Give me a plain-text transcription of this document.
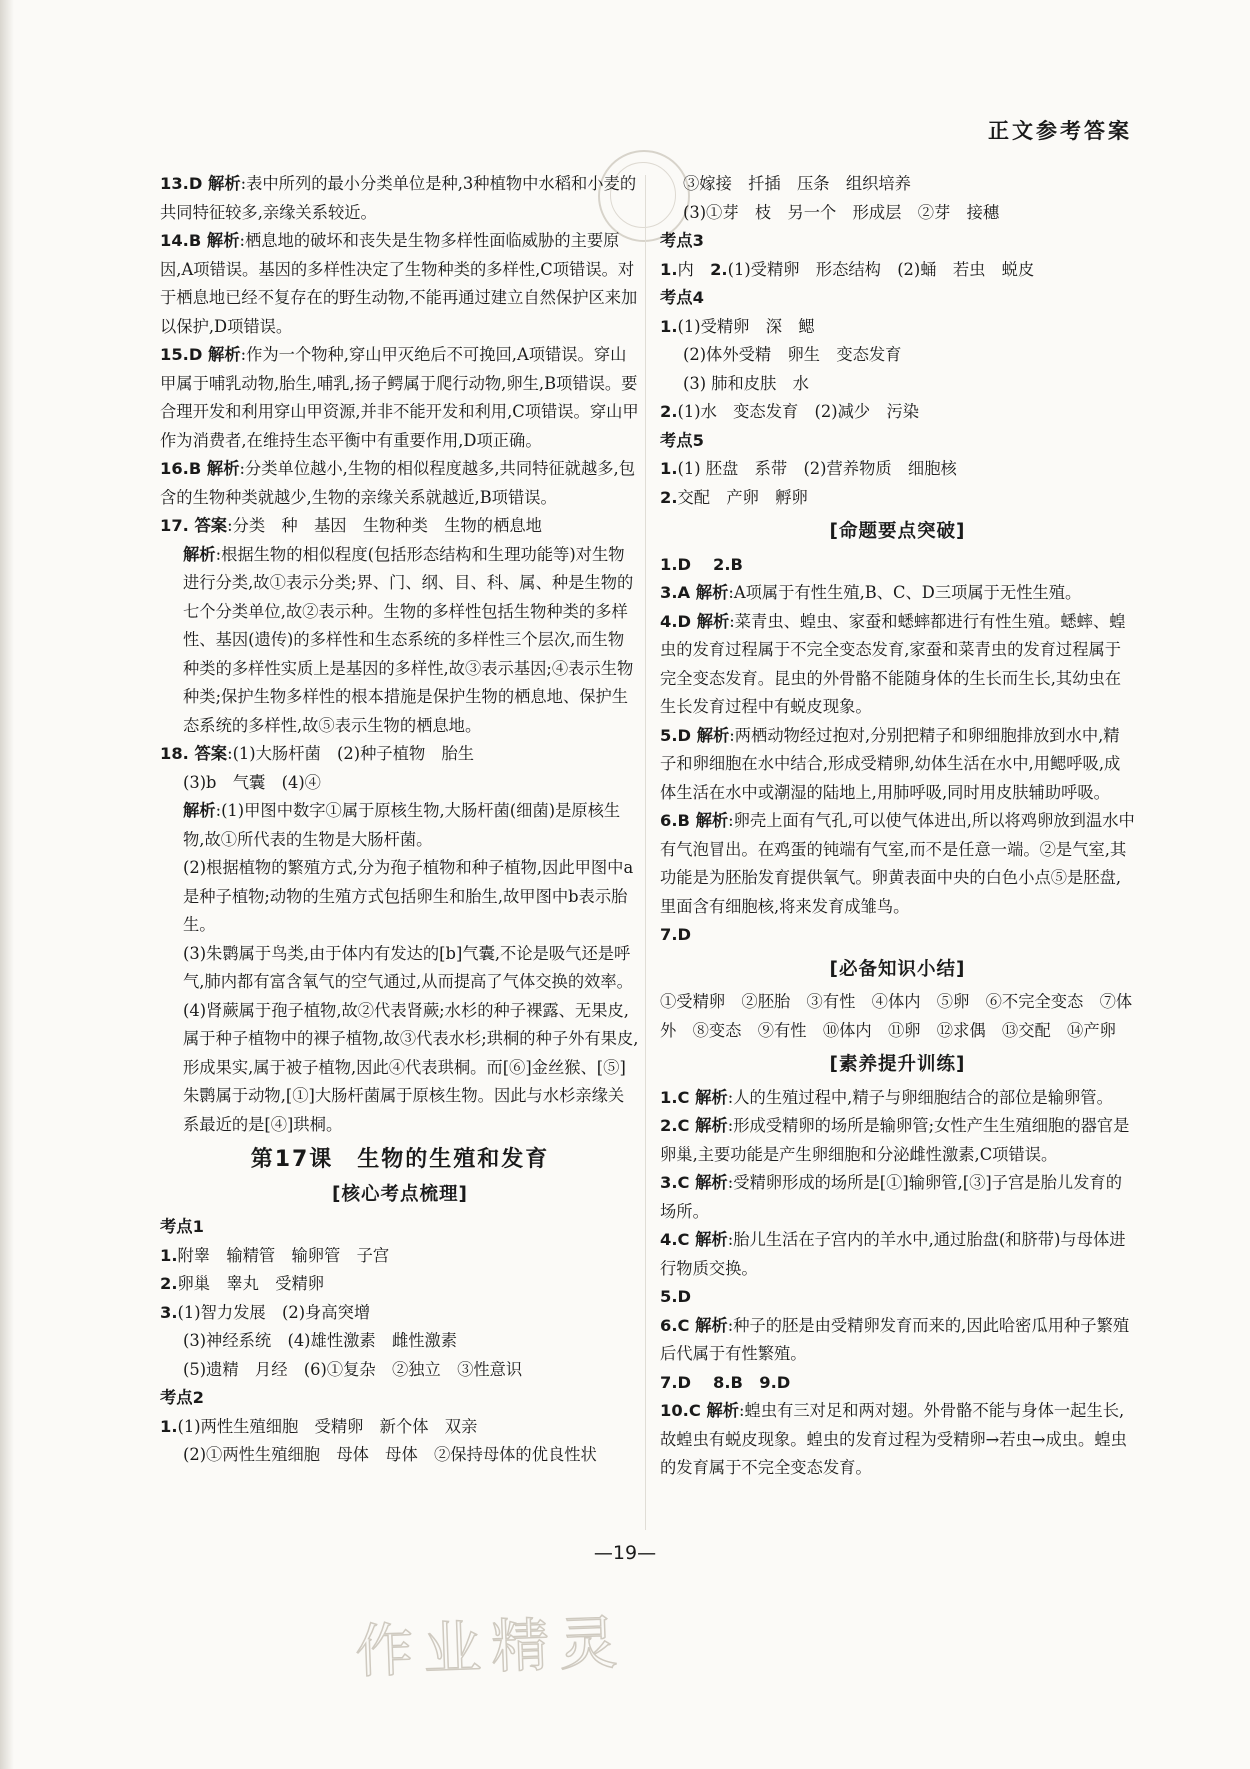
正文参考答案

13.D 解析:表中所列的最小分类单位是种,3种植物中水稻和小麦的共同特征较多,亲缘关系较近。

14.B 解析:栖息地的破坏和丧失是生物多样性面临威胁的主要原因,A项错误。基因的多样性决定了生物种类的多样性,C项错误。对于栖息地已经不复存在的野生动物,不能再通过建立自然保护区来加以保护,D项错误。

15.D 解析:作为一个物种,穿山甲灭绝后不可挽回,A项错误。穿山甲属于哺乳动物,胎生,哺乳,扬子鳄属于爬行动物,卵生,B项错误。要合理开发和利用穿山甲资源,并非不能开发和利用,C项错误。穿山甲作为消费者,在维持生态平衡中有重要作用,D项正确。

16.B 解析:分类单位越小,生物的相似程度越多,共同特征就越多,包含的生物种类就越少,生物的亲缘关系就越近,B项错误。

17. 答案:分类　种　基因　生物种类　生物的栖息地

解析:根据生物的相似程度(包括形态结构和生理功能等)对生物进行分类,故①表示分类;界、门、纲、目、科、属、种是生物的七个分类单位,故②表示种。生物的多样性包括生物种类的多样性、基因(遗传)的多样性和生态系统的多样性三个层次,而生物种类的多样性实质上是基因的多样性,故③表示基因;④表示生物种类;保护生物多样性的根本措施是保护生物的栖息地、保护生态系统的多样性,故⑤表示生物的栖息地。

18. 答案:(1)大肠杆菌　(2)种子植物　胎生

(3)b　气囊　(4)④

解析:(1)甲图中数字①属于原核生物,大肠杆菌(细菌)是原核生物,故①所代表的生物是大肠杆菌。

(2)根据植物的繁殖方式,分为孢子植物和种子植物,因此甲图中a是种子植物;动物的生殖方式包括卵生和胎生,故甲图中b表示胎生。

(3)朱鹮属于鸟类,由于体内有发达的[b]气囊,不论是吸气还是呼气,肺内都有富含氧气的空气通过,从而提高了气体交换的效率。

(4)肾蕨属于孢子植物,故②代表肾蕨;水杉的种子裸露、无果皮,属于种子植物中的裸子植物,故③代表水杉;珙桐的种子外有果皮,形成果实,属于被子植物,因此④代表珙桐。而[⑥]金丝猴、[⑤]朱鹮属于动物,[①]大肠杆菌属于原核生物。因此与水杉亲缘关系最近的是[④]珙桐。

第17课　生物的生殖和发育
[核心考点梳理]
考点1

1.附睾　输精管　输卵管　子宫

2.卵巢　睾丸　受精卵

3.(1)智力发展　(2)身高突增

(3)神经系统　(4)雄性激素　雌性激素

(5)遗精　月经　(6)①复杂　②独立　③性意识

考点2

1.(1)两性生殖细胞　受精卵　新个体　双亲

(2)①两性生殖细胞　母体　母体　②保持母体的优良性状

③嫁接　扦插　压条　组织培养

(3)①芽　枝　另一个　形成层　②芽　接穗

考点3

1.内　2.(1)受精卵　形态结构　(2)蛹　若虫　蜕皮

考点4

1.(1)受精卵　深　鳃

(2)体外受精　卵生　变态发育

(3) 肺和皮肤　水

2.(1)水　变态发育　(2)减少　污染

考点5

1.(1) 胚盘　系带　(2)营养物质　细胞核

2.交配　产卵　孵卵

[命题要点突破]

1.D 　2.B

3.A 解析:A项属于有性生殖,B、C、D三项属于无性生殖。

4.D 解析:菜青虫、蝗虫、家蚕和蟋蟀都进行有性生殖。蟋蟀、蝗虫的发育过程属于不完全变态发育,家蚕和菜青虫的发育过程属于完全变态发育。昆虫的外骨骼不能随身体的生长而生长,其幼虫在生长发育过程中有蜕皮现象。

5.D 解析:两栖动物经过抱对,分别把精子和卵细胞排放到水中,精子和卵细胞在水中结合,形成受精卵,幼体生活在水中,用鳃呼吸,成体生活在水中或潮湿的陆地上,用肺呼吸,同时用皮肤辅助呼吸。

6.B 解析:卵壳上面有气孔,可以使气体进出,所以将鸡卵放到温水中有气泡冒出。在鸡蛋的钝端有气室,而不是任意一端。②是气室,其功能是为胚胎发育提供氧气。卵黄表面中央的白色小点⑤是胚盘,里面含有细胞核,将来发育成雏鸟。

7.D

[必备知识小结]

①受精卵　②胚胎　③有性　④体内　⑤卵　⑥不完全变态　⑦体外　⑧变态　⑨有性　⑩体内　⑪卵　⑫求偶　⑬交配　⑭产卵

[素养提升训练]

1.C 解析:人的生殖过程中,精子与卵细胞结合的部位是输卵管。

2.C 解析:形成受精卵的场所是输卵管;女性产生生殖细胞的器官是卵巢,主要功能是产生卵细胞和分泌雌性激素,C项错误。

3.C 解析:受精卵形成的场所是[①]输卵管,[③]子宫是胎儿发育的场所。

4.C 解析:胎儿生活在子宫内的羊水中,通过胎盘(和脐带)与母体进行物质交换。

5.D

6.C 解析:种子的胚是由受精卵发育而来的,因此哈密瓜用种子繁殖后代属于有性繁殖。

7.D 　8.B　 9.D

10.C 解析:蝗虫有三对足和两对翅。外骨骼不能与身体一起生长,故蝗虫有蜕皮现象。蝗虫的发育过程为受精卵→若虫→成虫。蝗虫的发育属于不完全变态发育。

—19—
作业精灵
